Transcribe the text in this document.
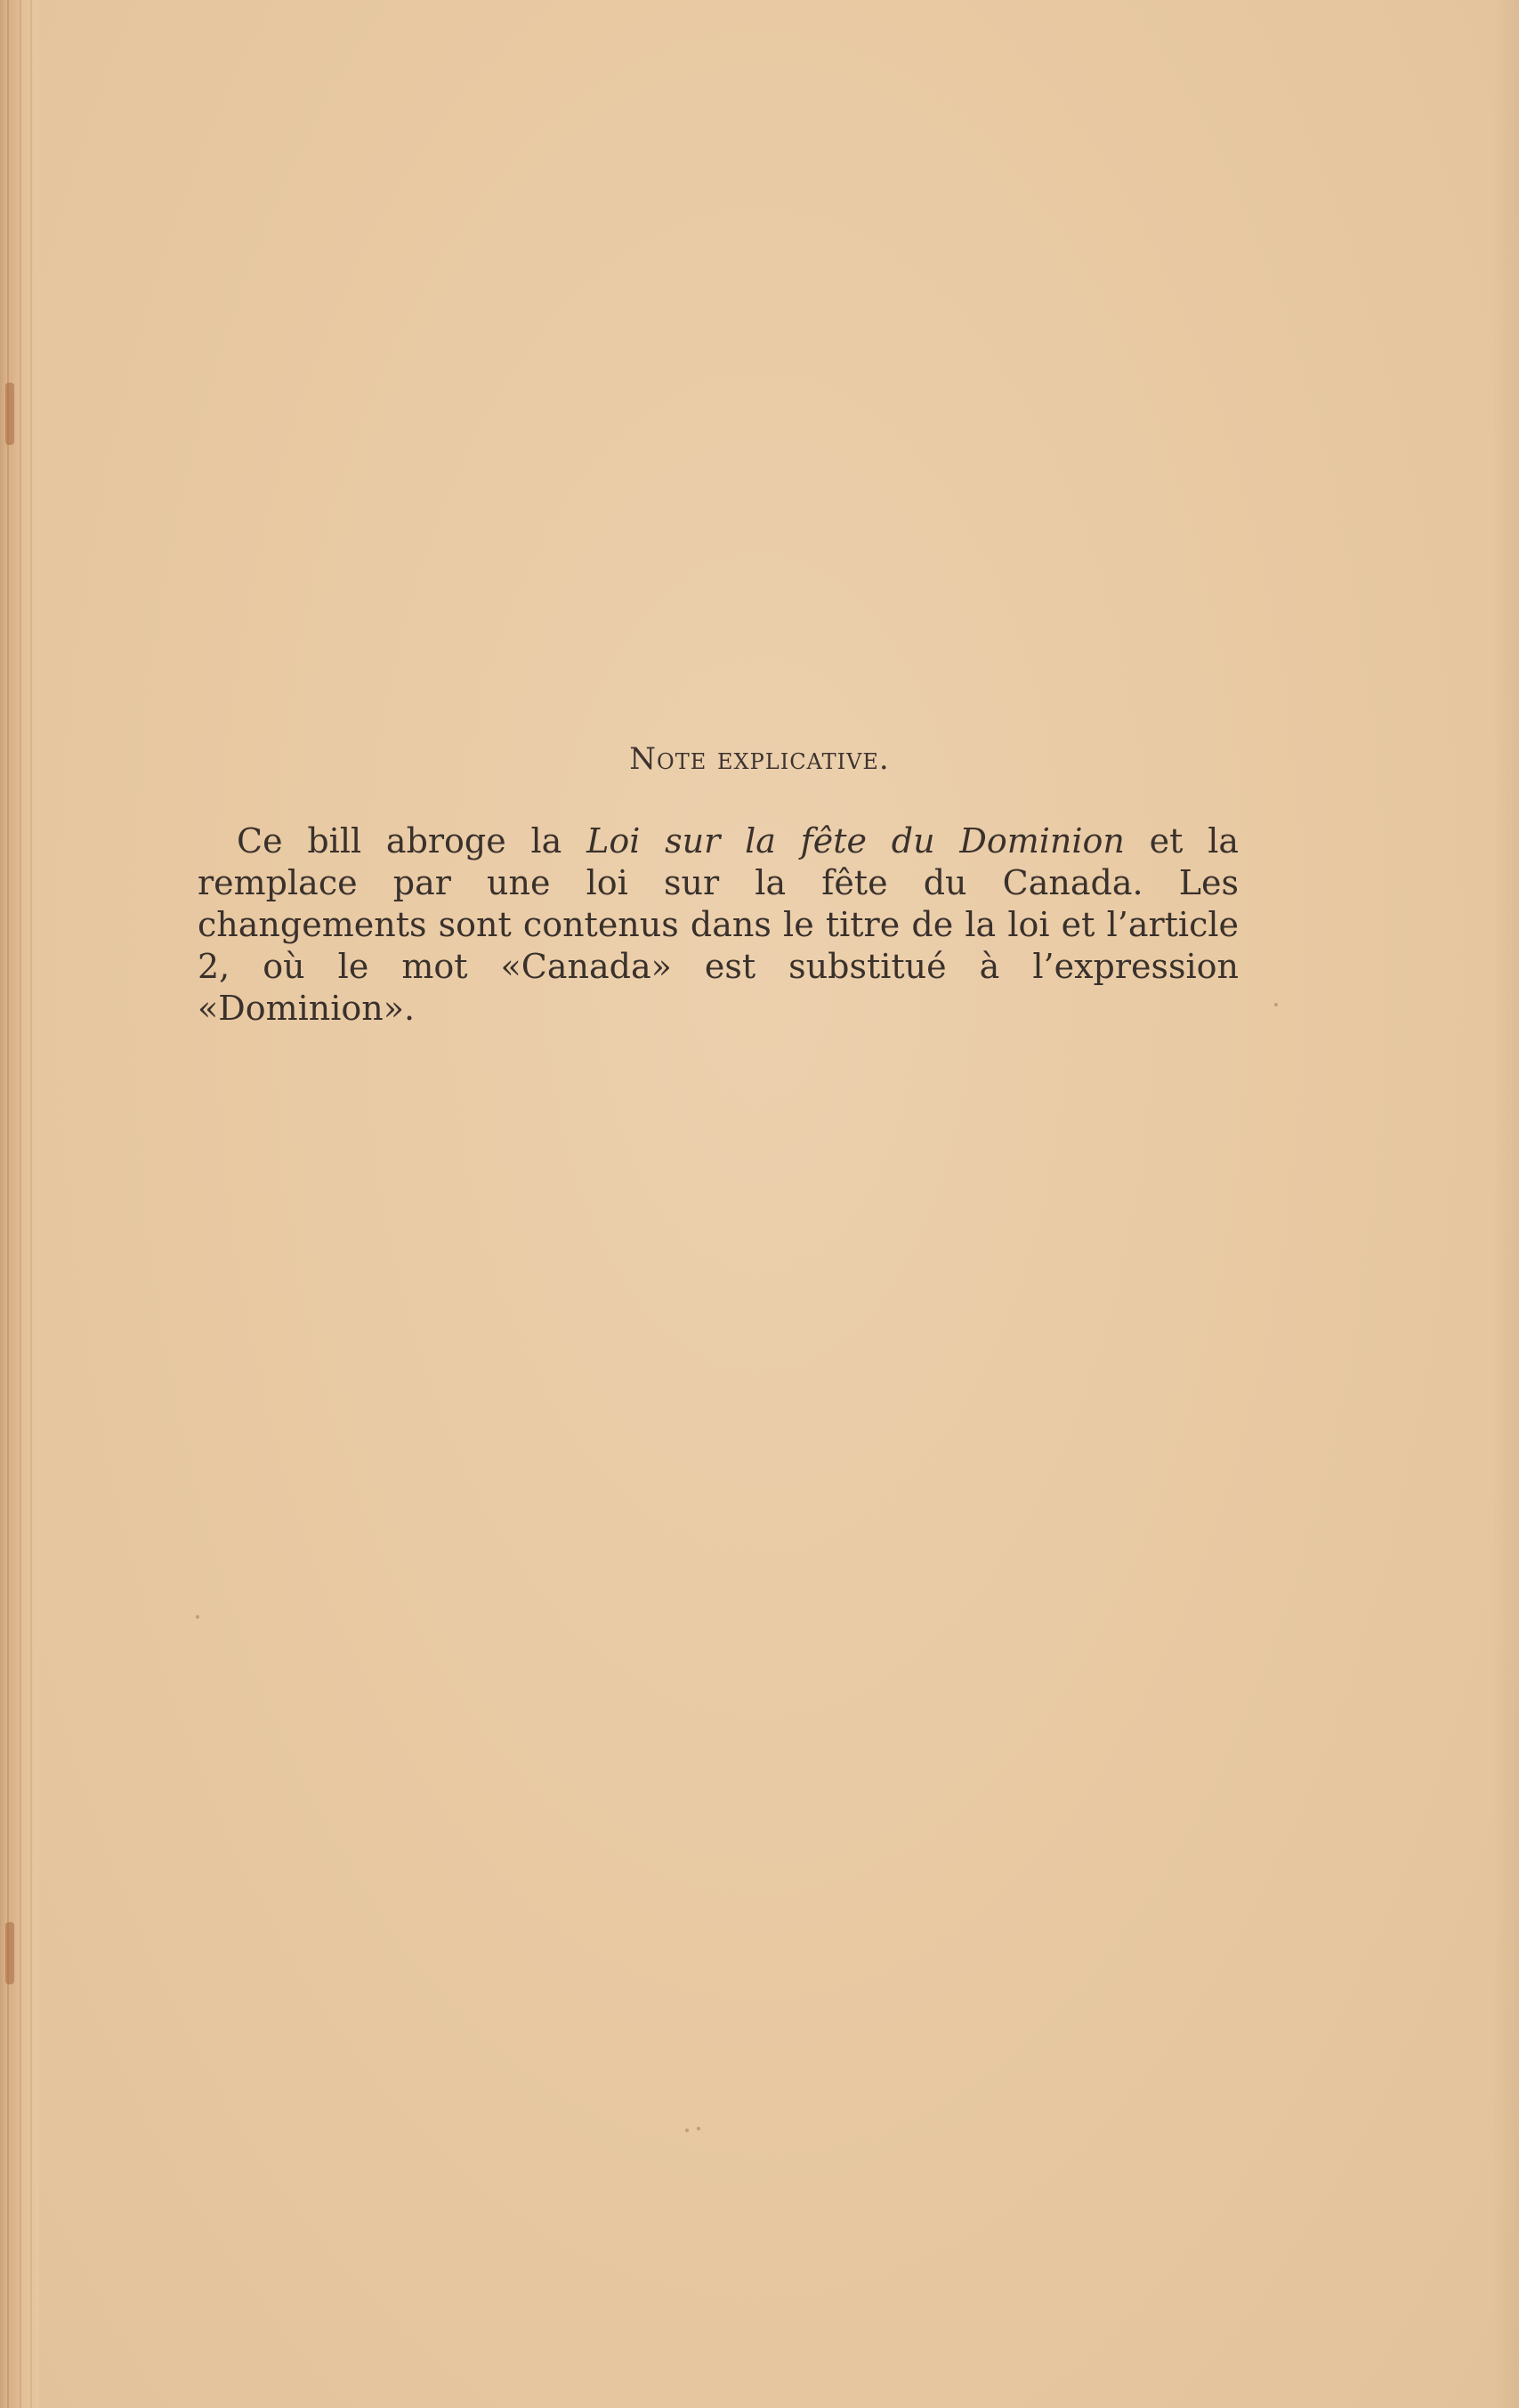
Note explicative.
Ce bill abroge la Loi sur la fête du Dominion et la remplace par une loi sur la fête du Canada. Les changements sont contenus dans le titre de la loi et l’article 2, où le mot «Canada» est substitué à l’expression «Dominion».
